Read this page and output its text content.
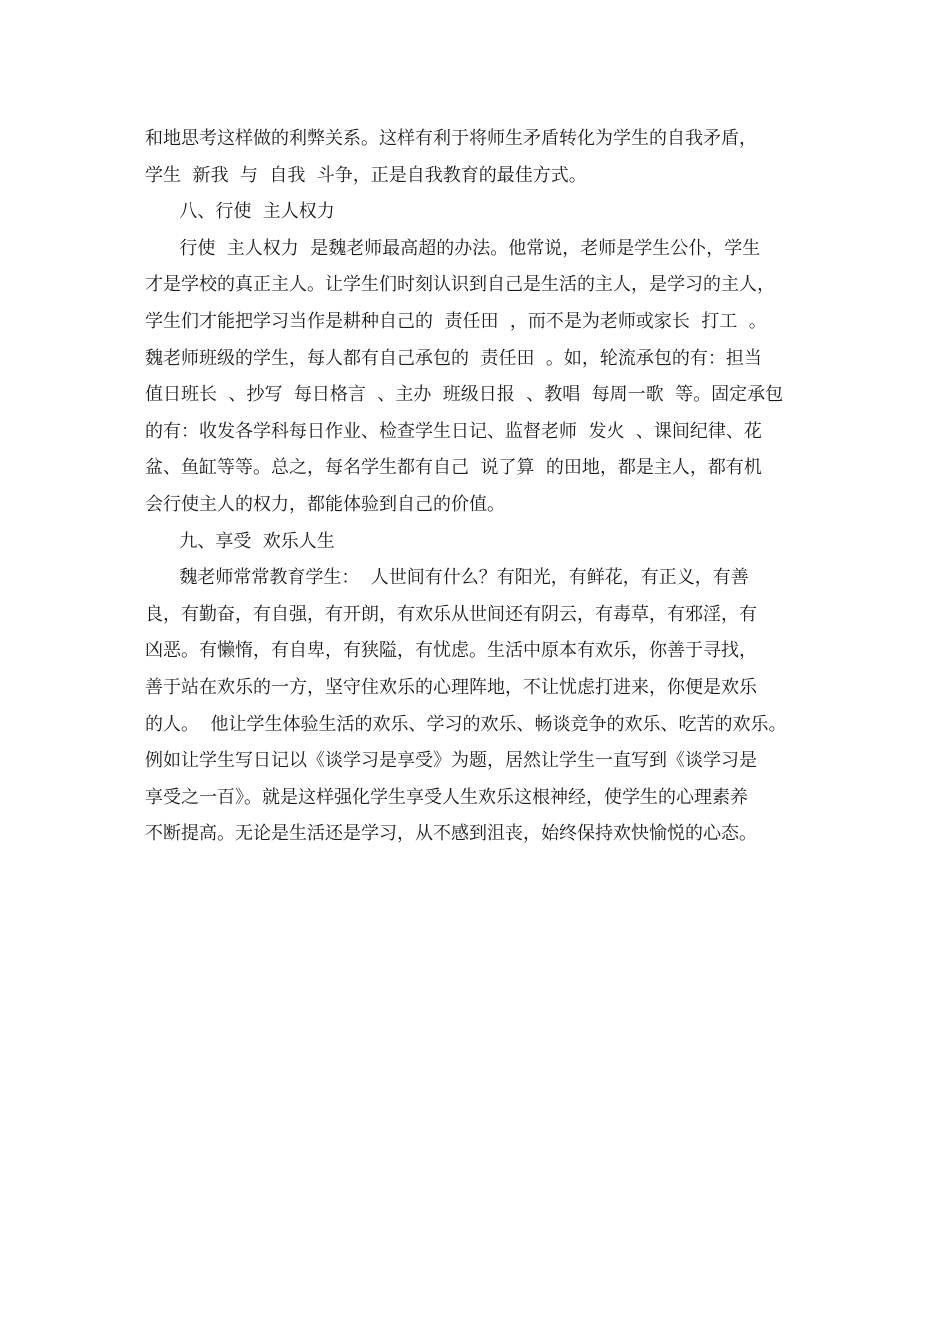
和地思考这样做的利弊关系。这样有利于将师生矛盾转化为学生的自我矛盾，

学生  新我  与  自我  斗争，正是自我教育的最佳方式。

八、行使  主人权力

行使  主人权力  是魏老师最高超的办法。他常说，老师是学生公仆，学生

才是学校的真正主人。让学生们时刻认识到自己是生活的主人，是学习的主人，

学生们才能把学习当作是耕种自己的  责任田  ，而不是为老师或家长  打工  。

魏老师班级的学生，每人都有自己承包的  责任田  。如，轮流承包的有：担当

值日班长  、抄写  每日格言  、主办  班级日报  、教唱  每周一歌  等。固定承包

的有：收发各学科每日作业、检查学生日记、监督老师  发火  、课间纪律、花

盆、鱼缸等等。总之，每名学生都有自己  说了算  的田地，都是主人，都有机

会行使主人的权力，都能体验到自己的价值。

九、享受  欢乐人生

魏老师常常教育学生：  人世间有什么？有阳光，有鲜花，有正义，有善

良，有勤奋，有自强，有开朗，有欢乐从世间还有阴云，有毒草，有邪淫，有

凶恶。有懒惰，有自卑，有狭隘，有忧虑。生活中原本有欢乐，你善于寻找，

善于站在欢乐的一方，坚守住欢乐的心理阵地，不让忧虑打进来，你便是欢乐

的人。  他让学生体验生活的欢乐、学习的欢乐、畅谈竞争的欢乐、吃苦的欢乐。

例如让学生写日记以《谈学习是享受》为题，居然让学生一直写到《谈学习是

享受之一百》。就是这样强化学生享受人生欢乐这根神经，使学生的心理素养

不断提高。无论是生活还是学习，从不感到沮丧，始终保持欢快愉悦的心态。
